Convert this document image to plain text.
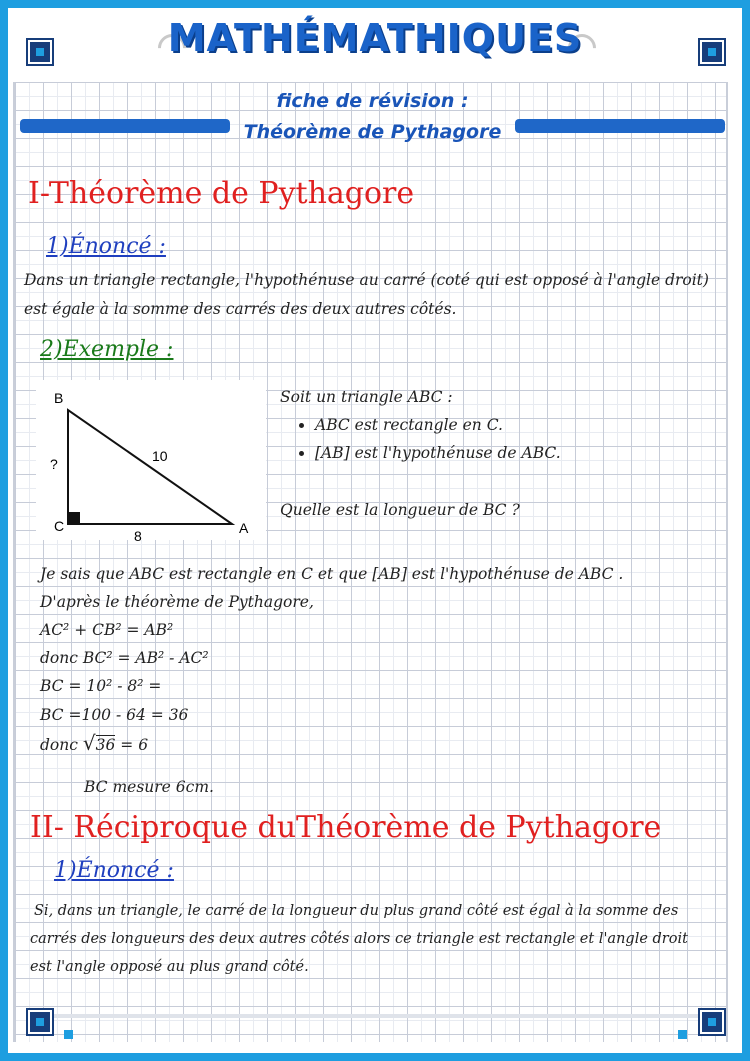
MATHÉMATHIQUES
fiche de révision :
Théorème de Pythagore
I-Théorème de Pythagore
1)Énoncé :
Dans un triangle rectangle, l'hypothénuse au carré (coté qui est opposé à l'angle droit)
est égale à la somme des carrés des deux autres côtés.
2)Exemple :
B
C	A
10
8
?
Soit un triangle ABC :
• ABC est rectangle en C.
• [AB] est l'hypothénuse de ABC.
Quelle est la longueur de BC ?
Je sais que ABC est rectangle en C et que [AB] est l'hypothénuse de ABC .
D'après le théorème de Pythagore,
AC² + CB² = AB²
donc BC² = AB² - AC²
BC = 10² - 8² =
BC =100 - 64 = 36
donc √36 = 6
BC mesure 6cm.
II- Réciproque duThéorème de Pythagore
1)Énoncé :
Si, dans un triangle, le carré de la longueur du plus grand côté est égal à la somme des
carrés des longueurs des deux autres côtés alors ce triangle est rectangle et l'angle droit
est l'angle opposé au plus grand côté.
